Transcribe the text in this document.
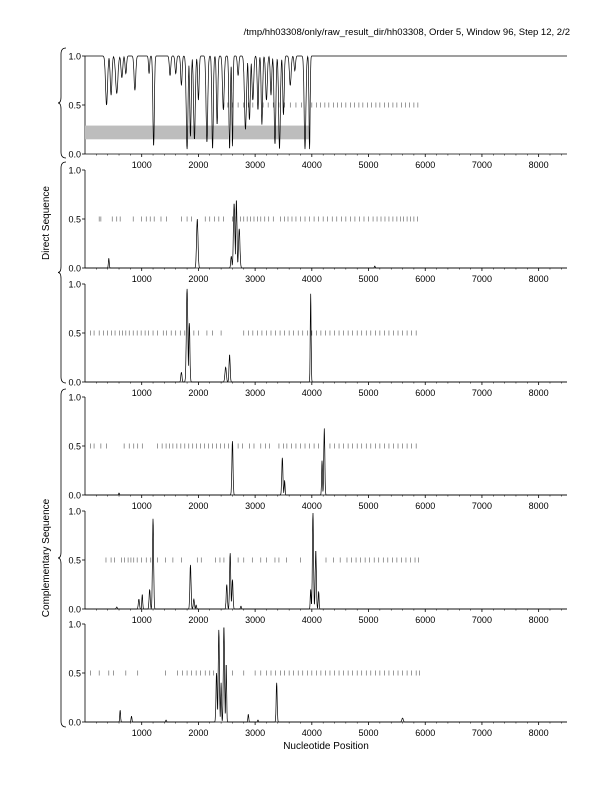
/tmp/hh03308/only/raw_result_dir/hh03308, Order 5, Window 96, Step 12, 2/2
0.0
0.5
1.0
1000	2000	3000	4000	5000	6000	7000	8000
0.0
0.5
1.0
1000	2000	3000	4000	5000	6000	7000	8000
0.0
0.5
1.0
1000	2000	3000	4000	5000	6000	7000	8000
0.0
0.5
1.0
1000	2000	3000	4000	5000	6000	7000	8000
0.0
0.5
1.0
1000	2000	3000	4000	5000	6000	7000	8000
0.0
0.5
1.0
1000	2000	3000	4000	5000	6000	7000	8000
Nucleotide Position
Direct Sequence
Complementary Sequence
